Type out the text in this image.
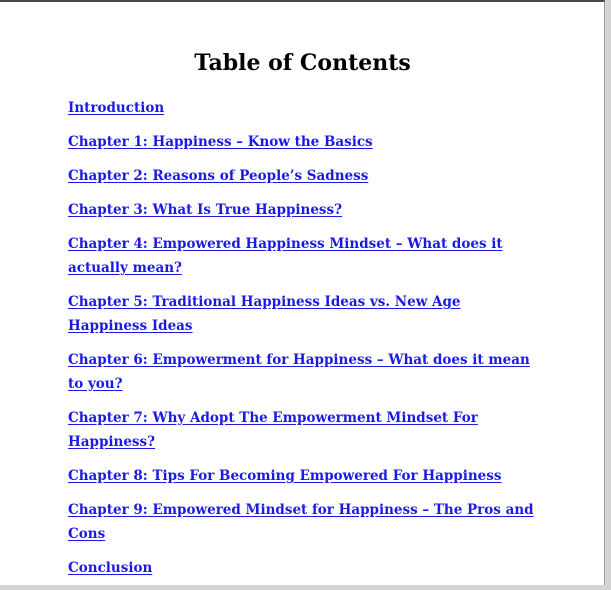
Table of Contents
Introduction
Chapter 1: Happiness – Know the Basics
Chapter 2: Reasons of People’s Sadness
Chapter 3: What Is True Happiness?
Chapter 4: Empowered Happiness Mindset – What does it actually mean?
Chapter 5: Traditional Happiness Ideas vs. New Age Happiness Ideas
Chapter 6: Empowerment for Happiness – What does it mean to you?
Chapter 7: Why Adopt The Empowerment Mindset For Happiness?
Chapter 8: Tips For Becoming Empowered For Happiness
Chapter 9: Empowered Mindset for Happiness – The Pros and Cons
Conclusion
